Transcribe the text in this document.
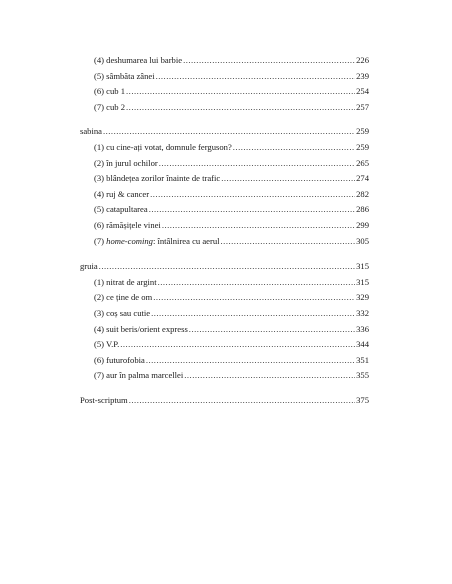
(4) deshumarea lui barbie .....	226
(5) sâmbăta zânei .....	239
(6) cub 1 .....	254
(7) cub 2 .....	257
sabina .....	259
(1) cu cine-ați votat, domnule ferguson? .....	259
(2) în jurul ochilor .....	265
(3) blândețea zorilor înainte de trafic .....	274
(4) ruj & cancer .....	282
(5) catapultarea .....	286
(6) rămășițele vinei .....	299
(7) home-coming: întâlnirea cu aerul .....	305
gruia .....	315
(1) nitrat de argint .....	315
(2) ce ține de om .....	329
(3) coș sau cutie .....	332
(4) suit beris/orient express .....	336
(5) V.P. .....	344
(6) futurofobia .....	351
(7) aur în palma marcellei .....	355
Post-scriptum .....	375
